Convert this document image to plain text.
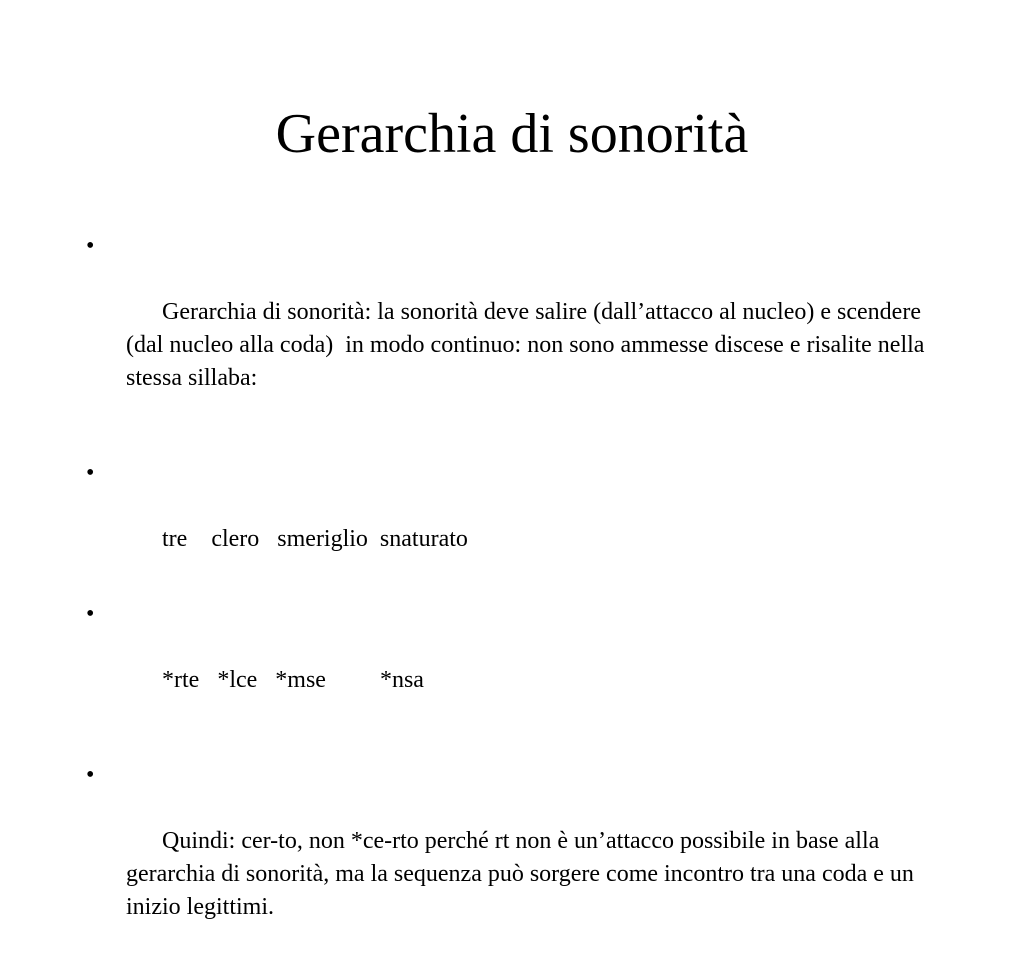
Gerarchia di sonorità

•

Gerarchia di sonorità: la sonorità deve salire (dall’attacco al nucleo) e scendere (dal nucleo alla coda)  in modo continuo: non sono ammesse discese e risalite nella stessa sillaba:

•

tre    clero   smeriglio  snaturato

•

*rte   *lce   *mse         *nsa

•

Quindi: cer-to, non *ce-rto perché rt non è un’attacco possibile in base alla gerarchia di sonorità, ma la sequenza può sorgere come incontro tra una coda e un inizio legittimi.
